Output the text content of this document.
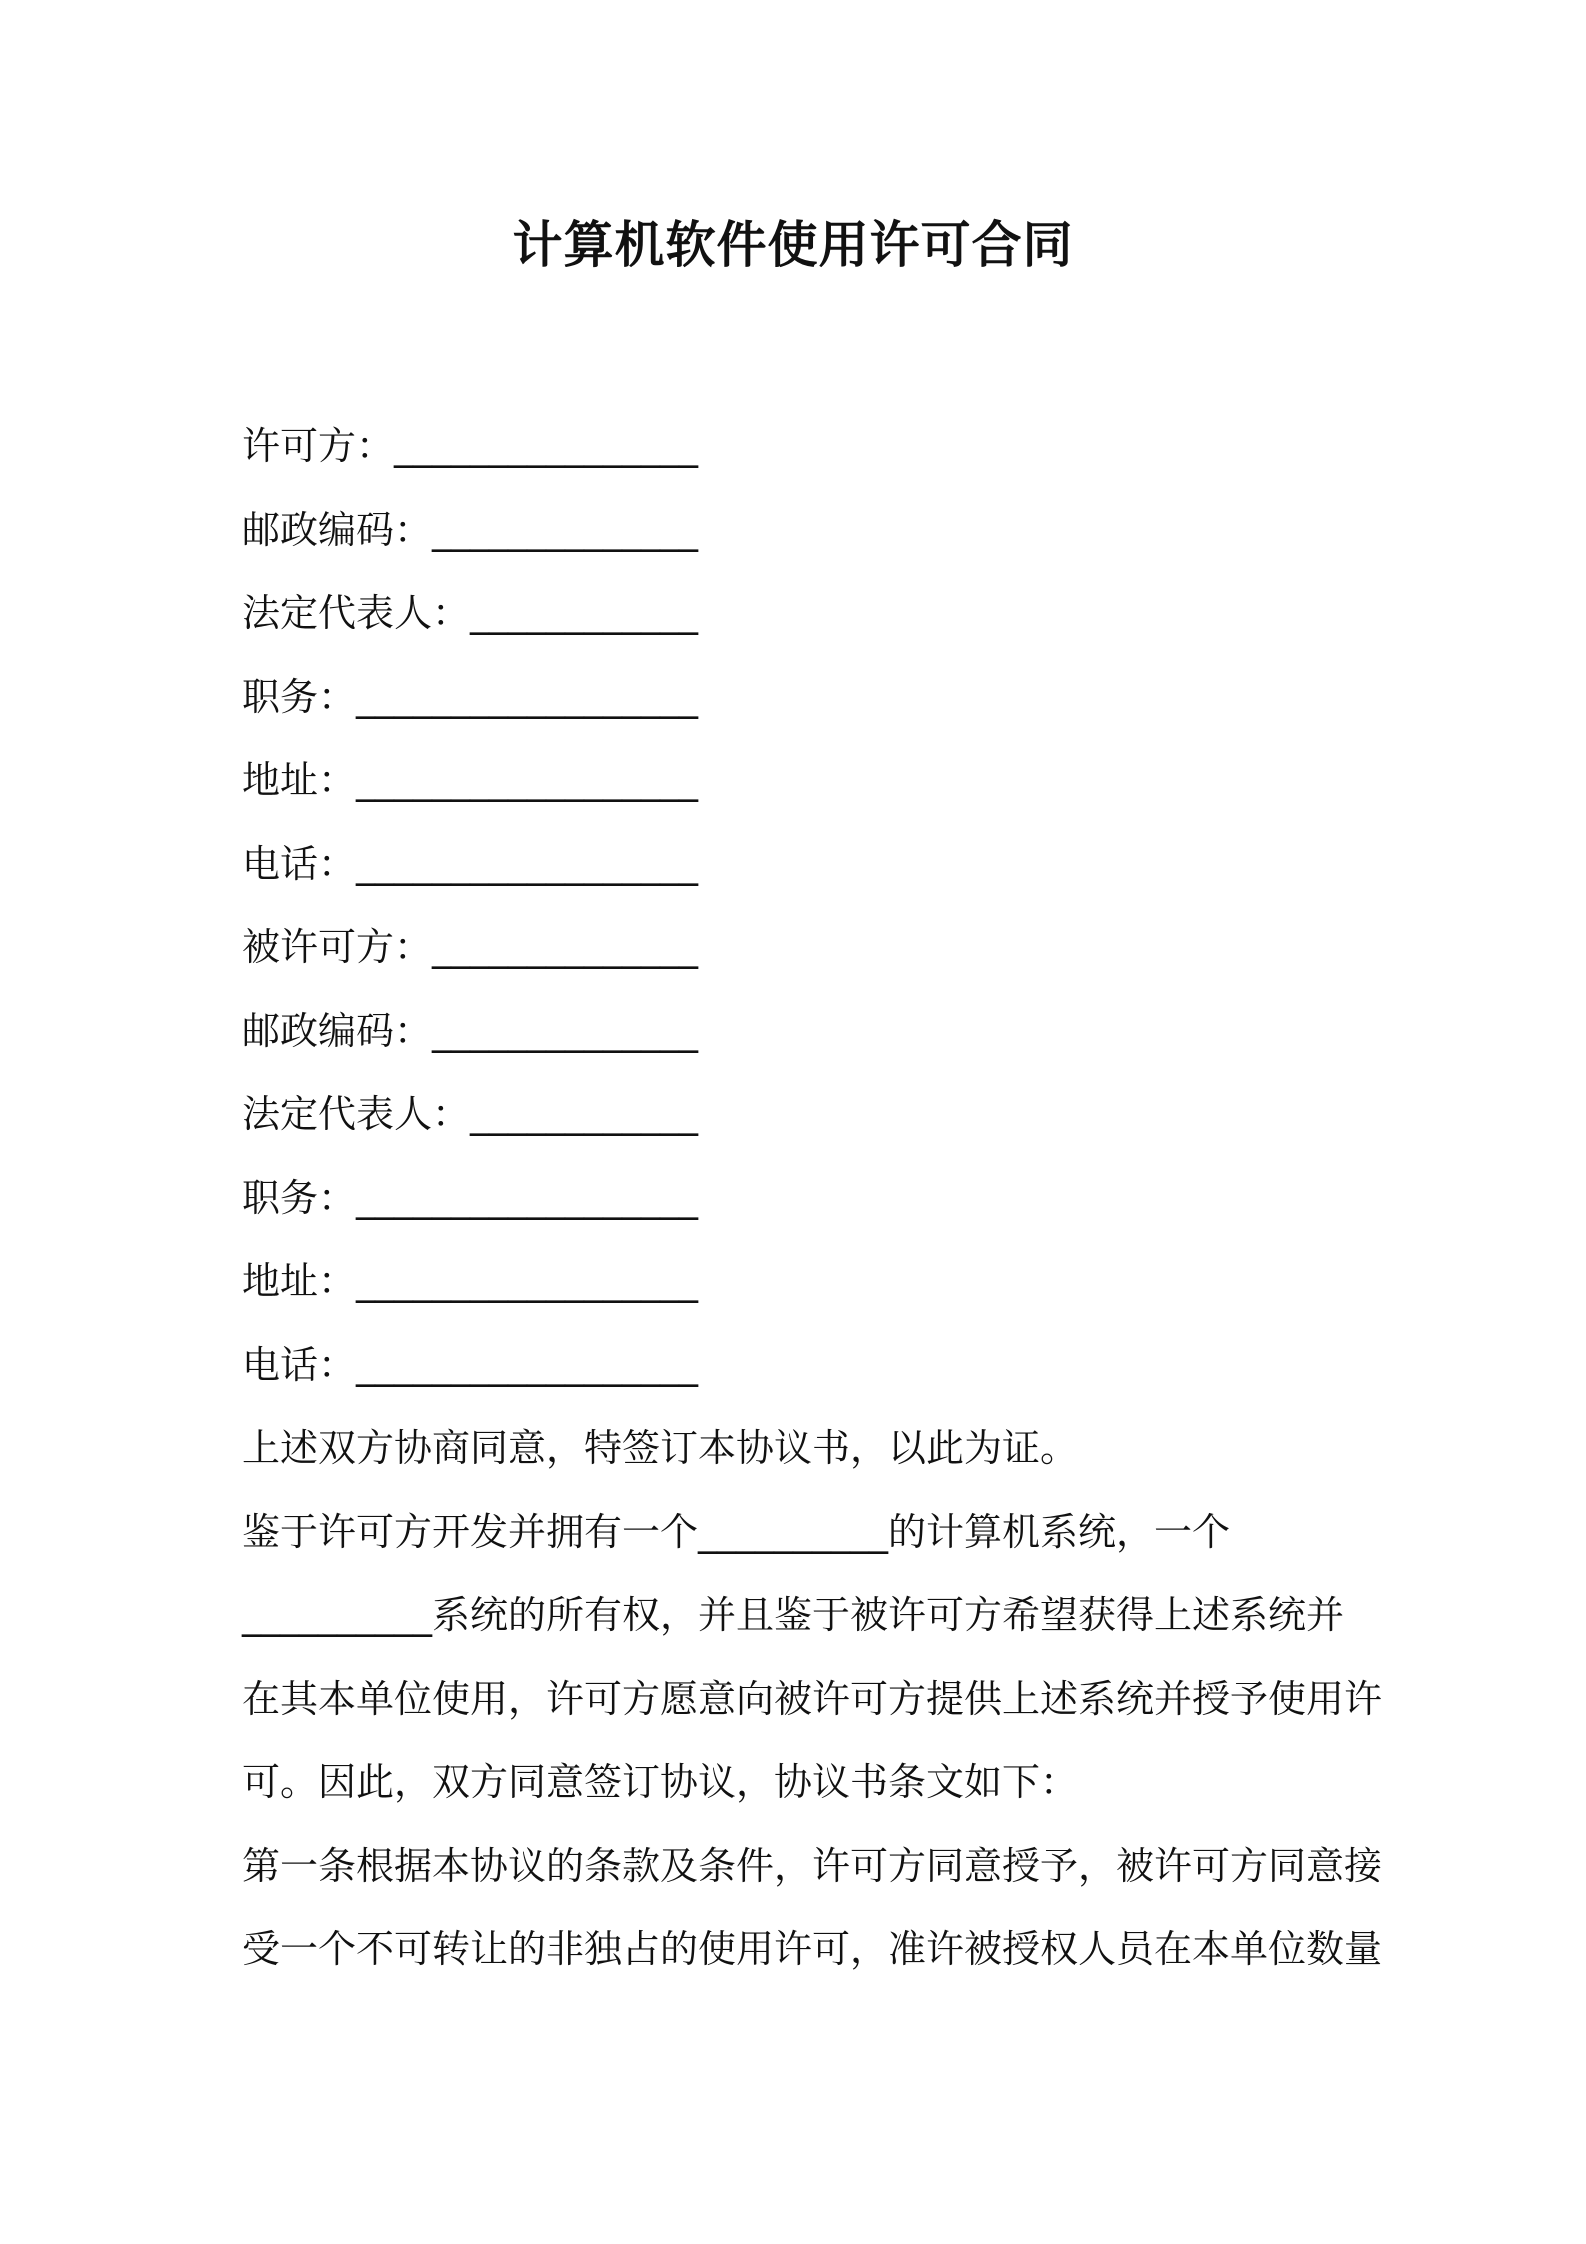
计算机软件使用许可合同
许可方：________________
邮政编码：______________
法定代表人：____________
职务：__________________
地址：__________________
电话：__________________
被许可方：______________
邮政编码：______________
法定代表人：____________
职务：__________________
地址：__________________
电话：__________________
上述双方协商同意，特签订本协议书，以此为证。
鉴于许可方开发并拥有一个__________的计算机系统，一个
__________系统的所有权，并且鉴于被许可方希望获得上述系统并
在其本单位使用，许可方愿意向被许可方提供上述系统并授予使用许
可。因此，双方同意签订协议，协议书条文如下：
第一条根据本协议的条款及条件，许可方同意授予，被许可方同意接
受一个不可转让的非独占的使用许可，准许被授权人员在本单位数量
